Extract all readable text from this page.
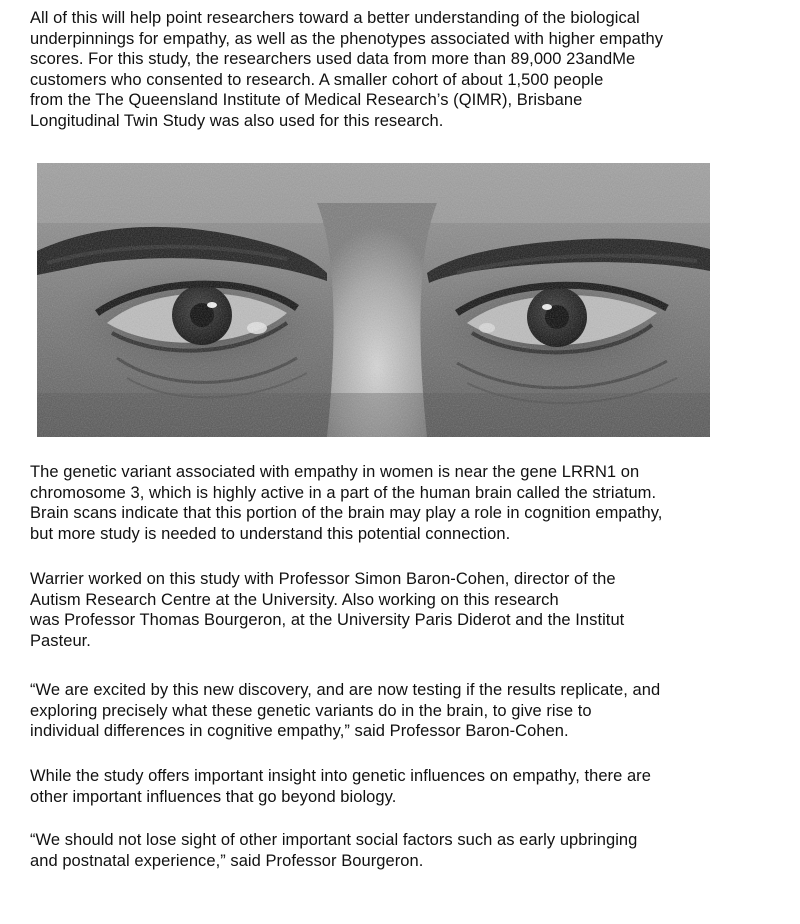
All of this will help point researchers toward a better understanding of the biological
underpinnings for empathy, as well as the phenotypes associated with higher empathy
scores. For this study, the researchers used data from more than 89,000 23andMe
customers who consented to research. A smaller cohort of about 1,500 people
from the The Queensland Institute of Medical Research’s (QIMR), Brisbane
Longitudinal Twin Study was also used for this research.

The genetic variant associated with empathy in women is near the gene LRRN1 on
chromosome 3, which is highly active in a part of the human brain called the striatum.
Brain scans indicate that this portion of the brain may play a role in cognition empathy,
but more study is needed to understand this potential connection.

Warrier worked on this study with Professor Simon Baron-Cohen, director of the
Autism Research Centre at the University. Also working on this research
was Professor Thomas Bourgeron, at the University Paris Diderot and the Institut
Pasteur.

“We are excited by this new discovery, and are now testing if the results replicate, and
exploring precisely what these genetic variants do in the brain, to give rise to
individual differences in cognitive empathy,” said Professor Baron-Cohen.

While the study offers important insight into genetic influences on empathy, there are
other important influences that go beyond biology.

“We should not lose sight of other important social factors such as early upbringing
and postnatal experience,” said Professor Bourgeron.
